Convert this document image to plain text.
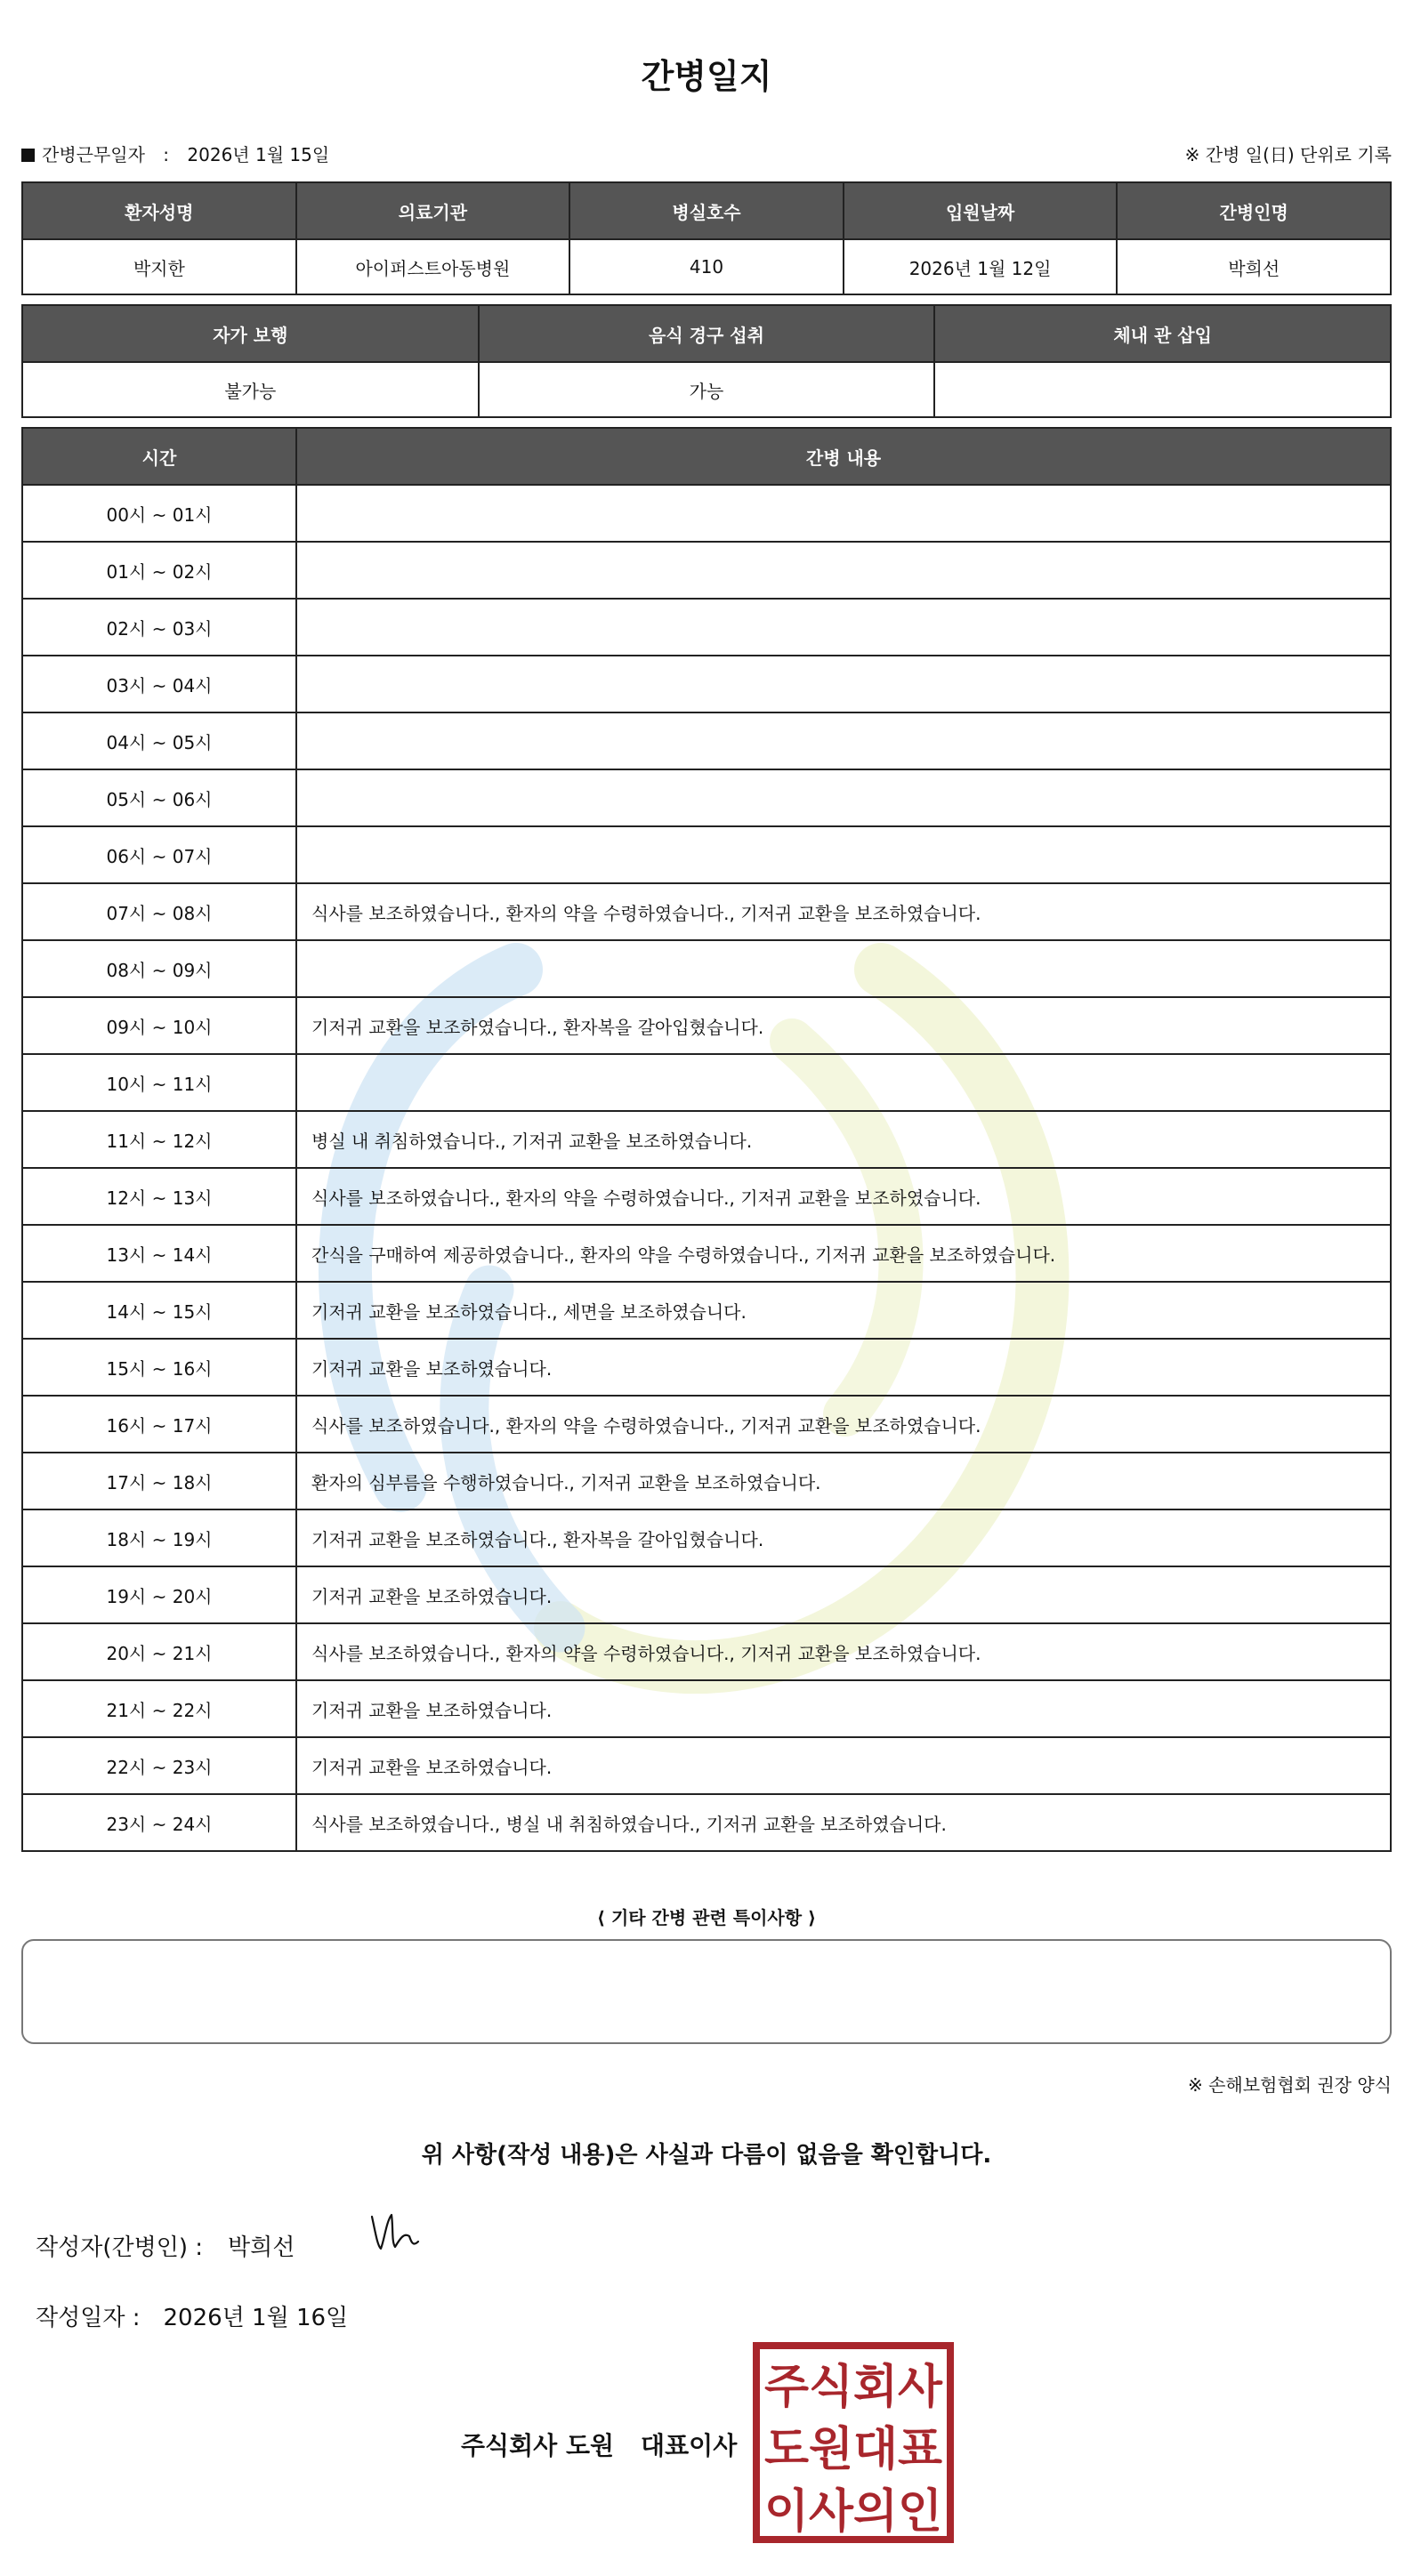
간병일지
간병근무일자 : 2026년 1월 15일	※ 간병 일(日) 단위로 기록
환자성명	의료기관	병실호수	입원날짜	간병인명
박지한	아이퍼스트아동병원	410	2026년 1월 12일	박희선
자가 보행	음식 경구 섭취	체내 관 삽입
불가능	가능	
시간	간병 내용
00시 ~ 01시	
01시 ~ 02시	
02시 ~ 03시	
03시 ~ 04시	
04시 ~ 05시	
05시 ~ 06시	
06시 ~ 07시	
07시 ~ 08시	식사를 보조하였습니다., 환자의 약을 수령하였습니다., 기저귀 교환을 보조하였습니다.
08시 ~ 09시	
09시 ~ 10시	기저귀 교환을 보조하였습니다., 환자복을 갈아입혔습니다.
10시 ~ 11시	
11시 ~ 12시	병실 내 취침하였습니다., 기저귀 교환을 보조하였습니다.
12시 ~ 13시	식사를 보조하였습니다., 환자의 약을 수령하였습니다., 기저귀 교환을 보조하였습니다.
13시 ~ 14시	간식을 구매하여 제공하였습니다., 환자의 약을 수령하였습니다., 기저귀 교환을 보조하였습니다.
14시 ~ 15시	기저귀 교환을 보조하였습니다., 세면을 보조하였습니다.
15시 ~ 16시	기저귀 교환을 보조하였습니다.
16시 ~ 17시	식사를 보조하였습니다., 환자의 약을 수령하였습니다., 기저귀 교환을 보조하였습니다.
17시 ~ 18시	환자의 심부름을 수행하였습니다., 기저귀 교환을 보조하였습니다.
18시 ~ 19시	기저귀 교환을 보조하였습니다., 환자복을 갈아입혔습니다.
19시 ~ 20시	기저귀 교환을 보조하였습니다.
20시 ~ 21시	식사를 보조하였습니다., 환자의 약을 수령하였습니다., 기저귀 교환을 보조하였습니다.
21시 ~ 22시	기저귀 교환을 보조하였습니다.
22시 ~ 23시	기저귀 교환을 보조하였습니다.
23시 ~ 24시	식사를 보조하였습니다., 병실 내 취침하였습니다., 기저귀 교환을 보조하였습니다.
⟨ 기타 간병 관련 특이사항 ⟩
※ 손해보험협회 권장 양식
위 사항(작성 내용)은 사실과 다름이 없음을 확인합니다.
작성자(간병인) : 박희선
작성일자 : 2026년 1월 16일
주식회사 도원 대표이사
주식회사
도원대표
이사의인
